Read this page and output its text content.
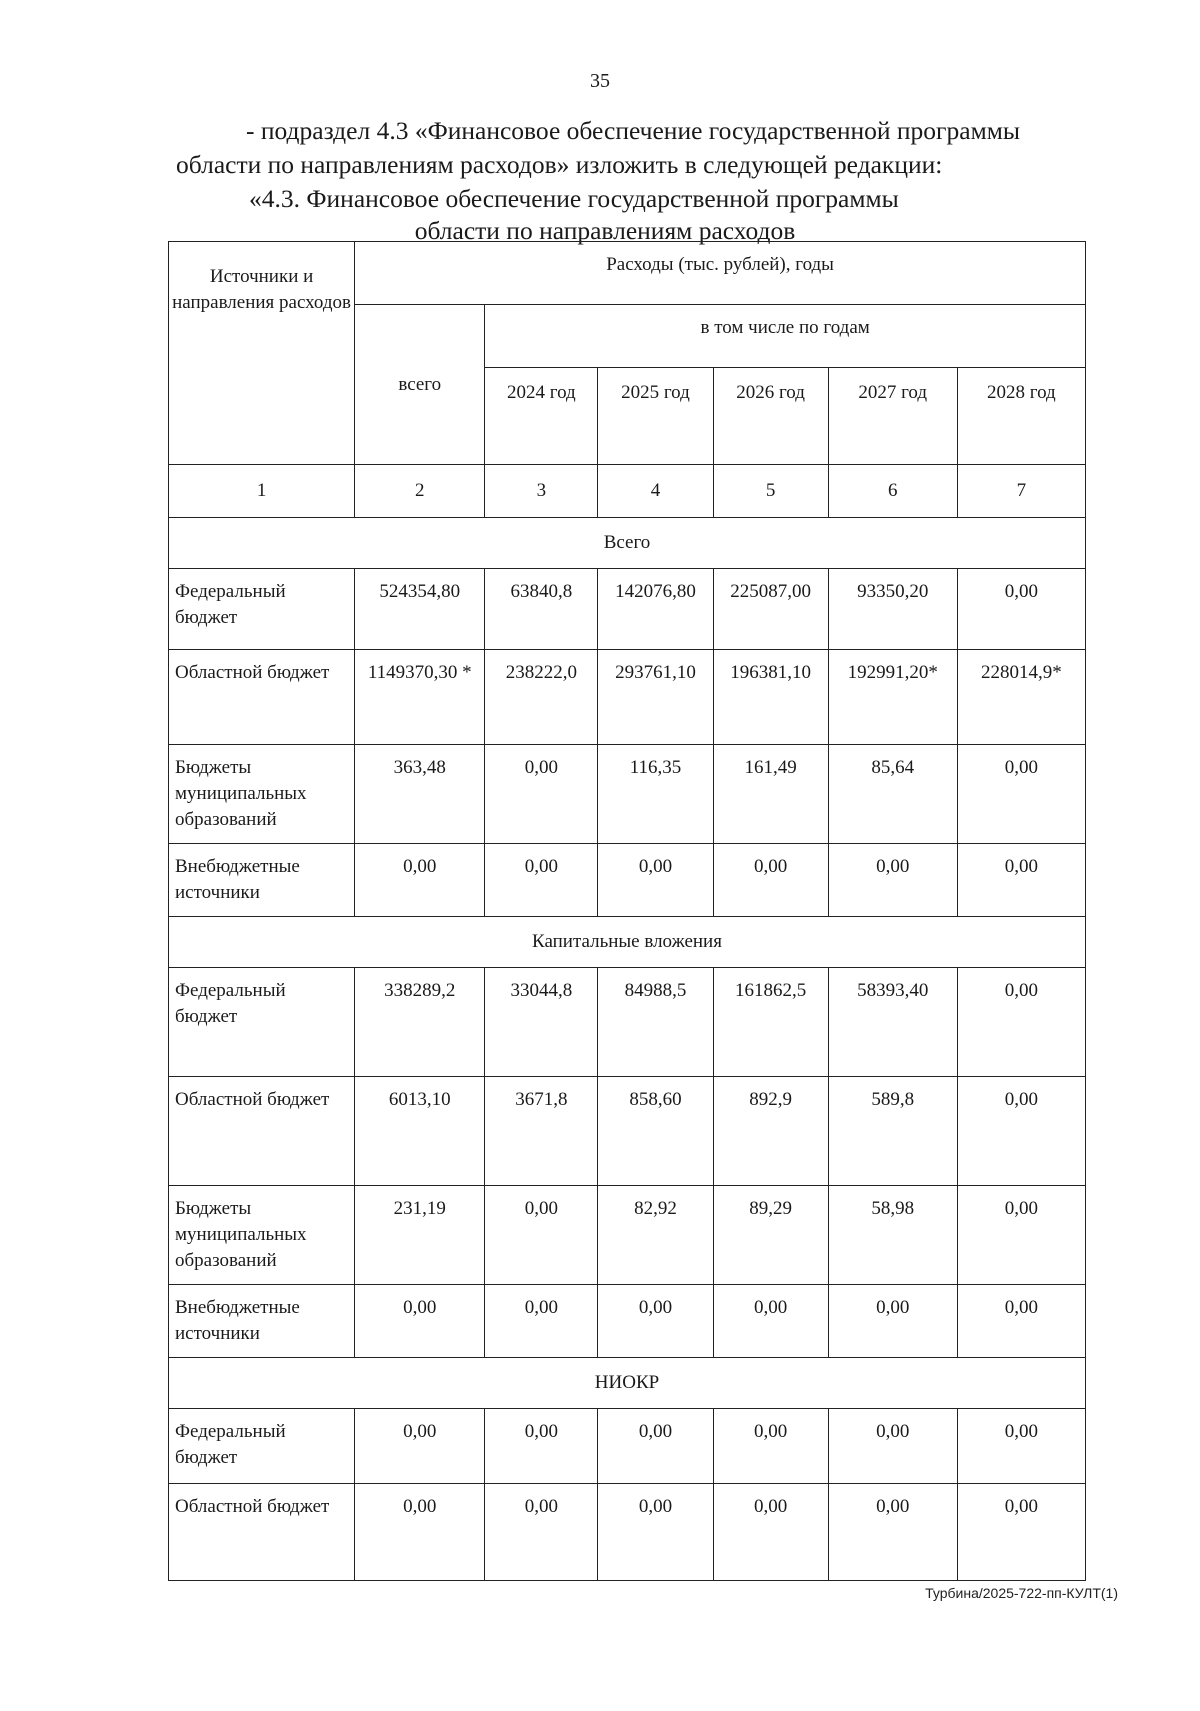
35
- подраздел 4.3 «Финансовое обеспечение государственной программы
области по направлениям расходов» изложить в следующей редакции:
«4.3. Финансовое обеспечение государственной программы
области по направлениям расходов
Источники и направления расходов	Расходы (тыс. рублей), годы					
	всего	в том числе по годам				
		2024 год	2025 год	2026 год	2027 год	2028 год
1	2	3	4	5	6	7
Всего						
Федеральный бюджет	524354,80	63840,8	142076,80	225087,00	93350,20	0,00
Областной бюджет	1149370,30 *	238222,0	293761,10	196381,10	192991,20*	228014,9*
Бюджеты муниципальных образований	363,48	0,00	116,35	161,49	85,64	0,00
Внебюджетные источники	0,00	0,00	0,00	0,00	0,00	0,00
Капитальные вложения						
Федеральный бюджет	338289,2	33044,8	84988,5	161862,5	58393,40	0,00
Областной бюджет	6013,10	3671,8	858,60	892,9	589,8	0,00
Бюджеты муниципальных образований	231,19	0,00	82,92	89,29	58,98	0,00
Внебюджетные источники	0,00	0,00	0,00	0,00	0,00	0,00
НИОКР						
Федеральный бюджет	0,00	0,00	0,00	0,00	0,00	0,00
Областной бюджет	0,00	0,00	0,00	0,00	0,00	0,00
Турбина/2025-722-пп-КУЛТ(1)
